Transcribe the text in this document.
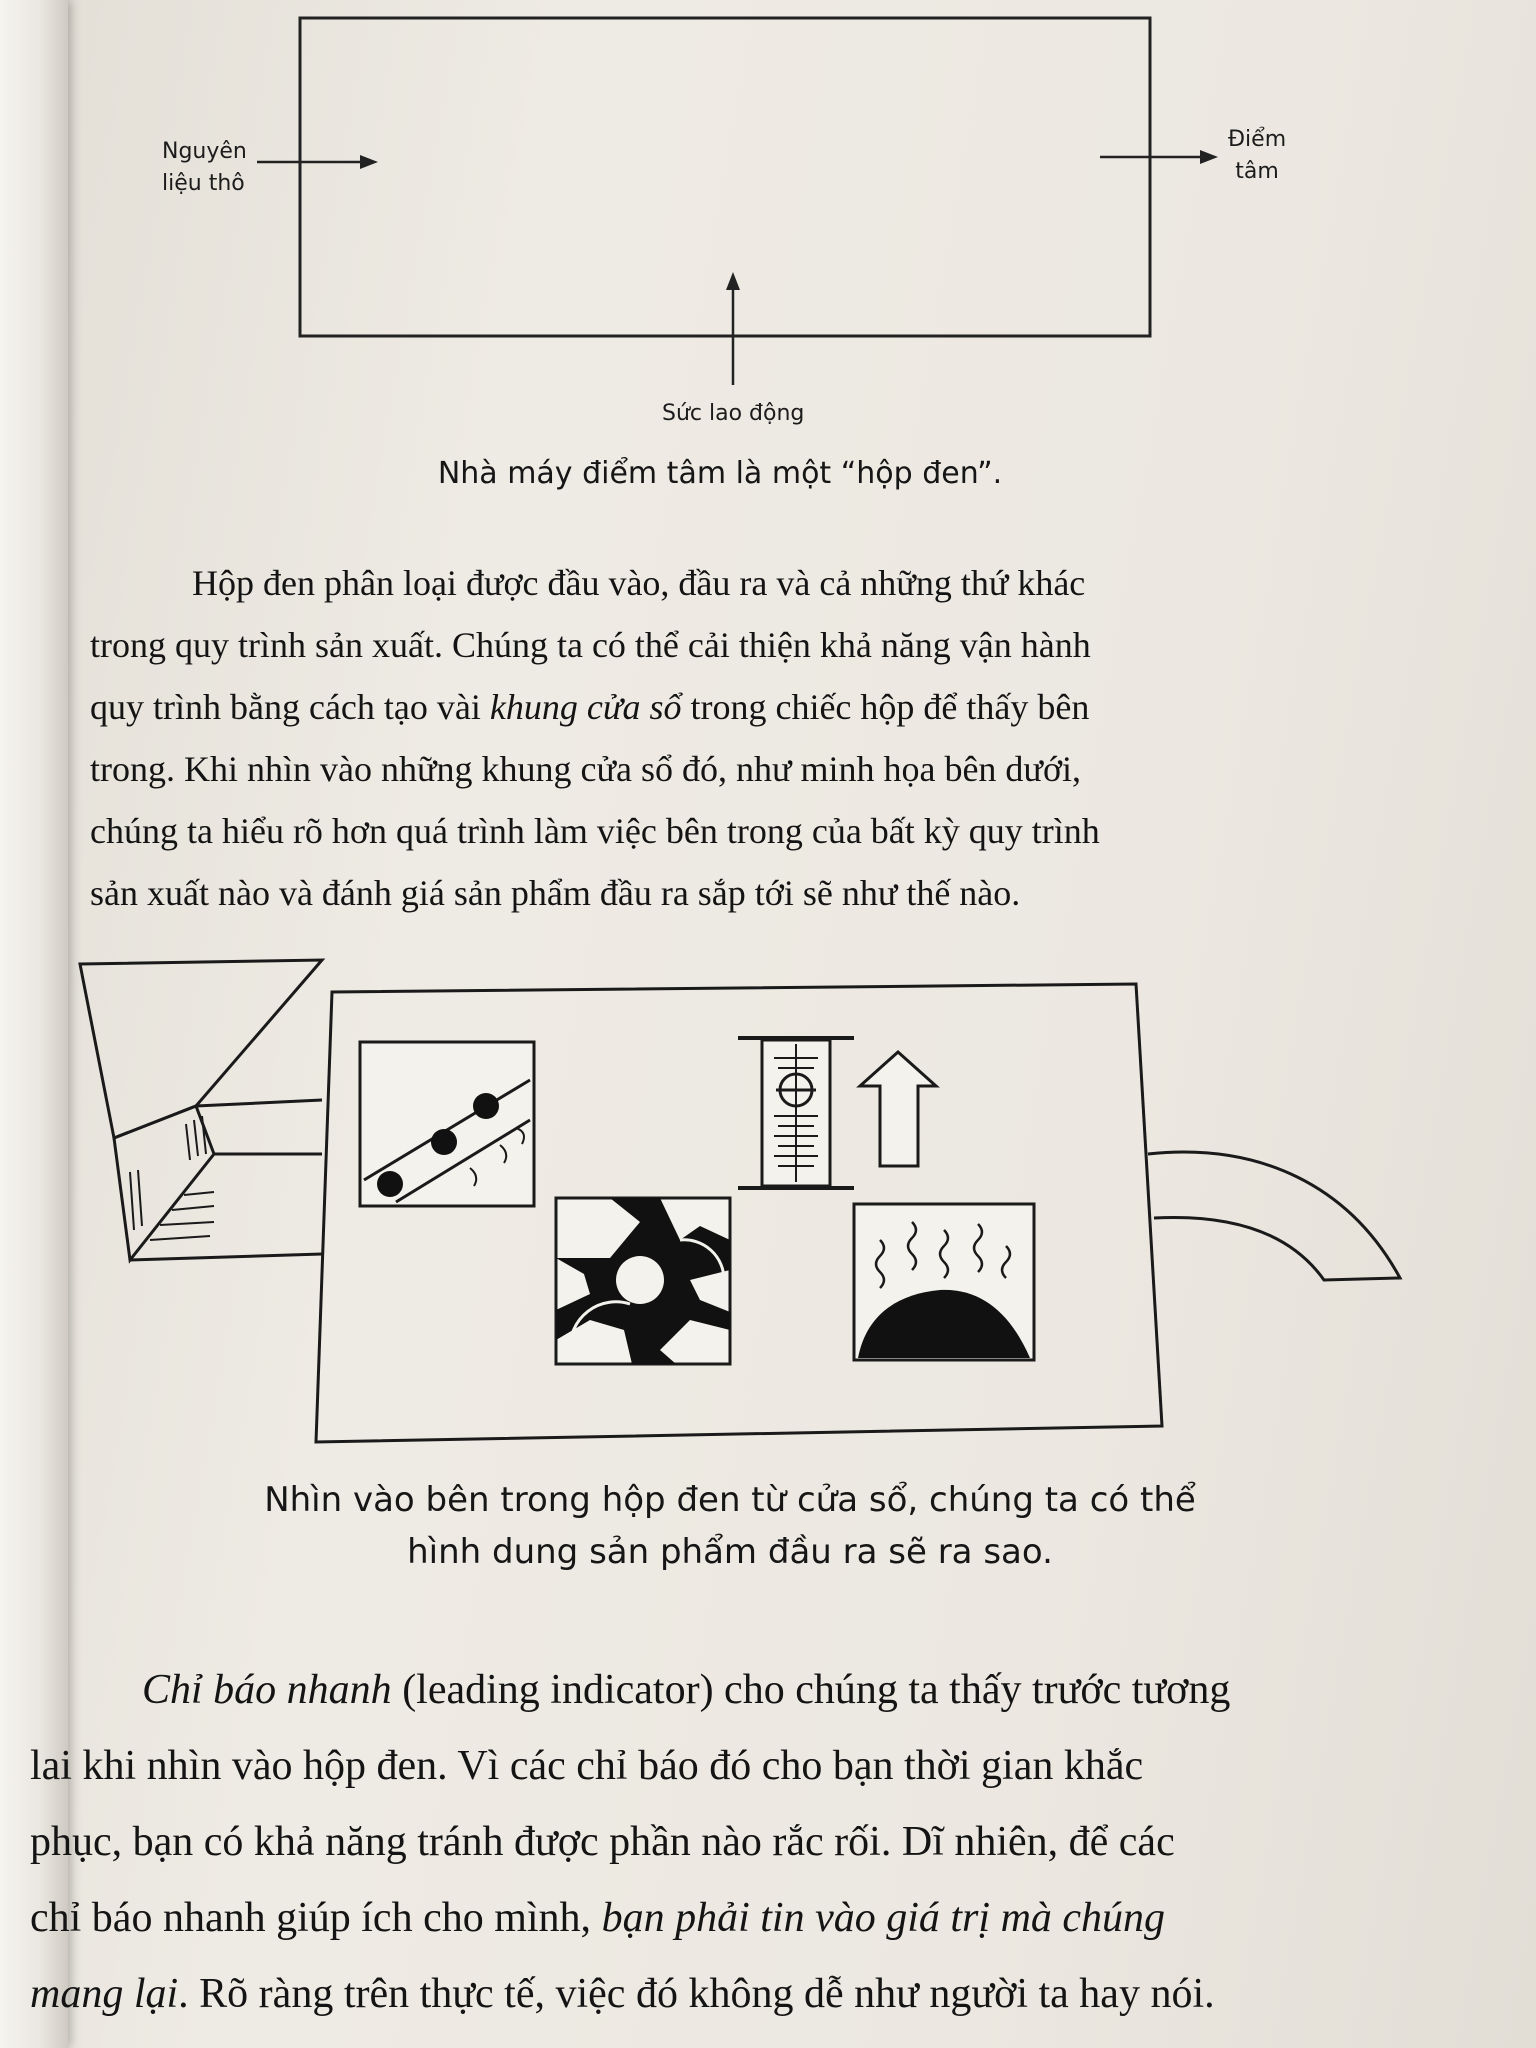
Nguyên
liệu thô
Điểm
tâm
Sức lao động
Nhà máy điểm tâm là một “hộp đen”.
Hộp đen phân loại được đầu vào, đầu ra và cả những thứ khác
trong quy trình sản xuất. Chúng ta có thể cải thiện khả năng vận hành
quy trình bằng cách tạo vài khung cửa sổ trong chiếc hộp để thấy bên
trong. Khi nhìn vào những khung cửa sổ đó, như minh họa bên dưới,
chúng ta hiểu rõ hơn quá trình làm việc bên trong của bất kỳ quy trình
sản xuất nào và đánh giá sản phẩm đầu ra sắp tới sẽ như thế nào.
Nhìn vào bên trong hộp đen từ cửa sổ, chúng ta có thể
hình dung sản phẩm đầu ra sẽ ra sao.
Chỉ báo nhanh (leading indicator) cho chúng ta thấy trước tương
lai khi nhìn vào hộp đen. Vì các chỉ báo đó cho bạn thời gian khắc
phục, bạn có khả năng tránh được phần nào rắc rối. Dĩ nhiên, để các
chỉ báo nhanh giúp ích cho mình, bạn phải tin vào giá trị mà chúng
mang lại. Rõ ràng trên thực tế, việc đó không dễ như người ta hay nói.
